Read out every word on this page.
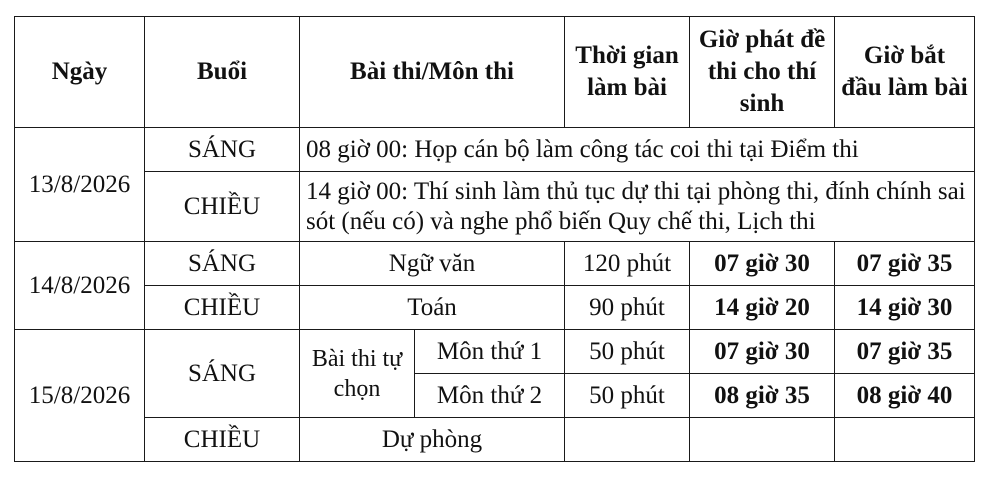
Ngày	Buổi	Bài thi/Môn thi		Thời gian làm bài	Giờ phát đề thi cho thí sinh	Giờ bắt đầu làm bài
13/8/2026	SÁNG	08 giờ 00: Họp cán bộ làm công tác coi thi tại Điểm thi				
	CHIỀU	14 giờ 00: Thí sinh làm thủ tục dự thi tại phòng thi, đính chính sai sót (nếu có) và nghe phổ biến Quy chế thi, Lịch thi				
14/8/2026	SÁNG	Ngữ văn		120 phút	07 giờ 30	07 giờ 35
	CHIỀU	Toán		90 phút	14 giờ 20	14 giờ 30
15/8/2026	SÁNG	Bài thi tự chọn	Môn thứ 1	50 phút	07 giờ 30	07 giờ 35
			Môn thứ 2	50 phút	08 giờ 35	08 giờ 40
	CHIỀU	Dự phòng				
